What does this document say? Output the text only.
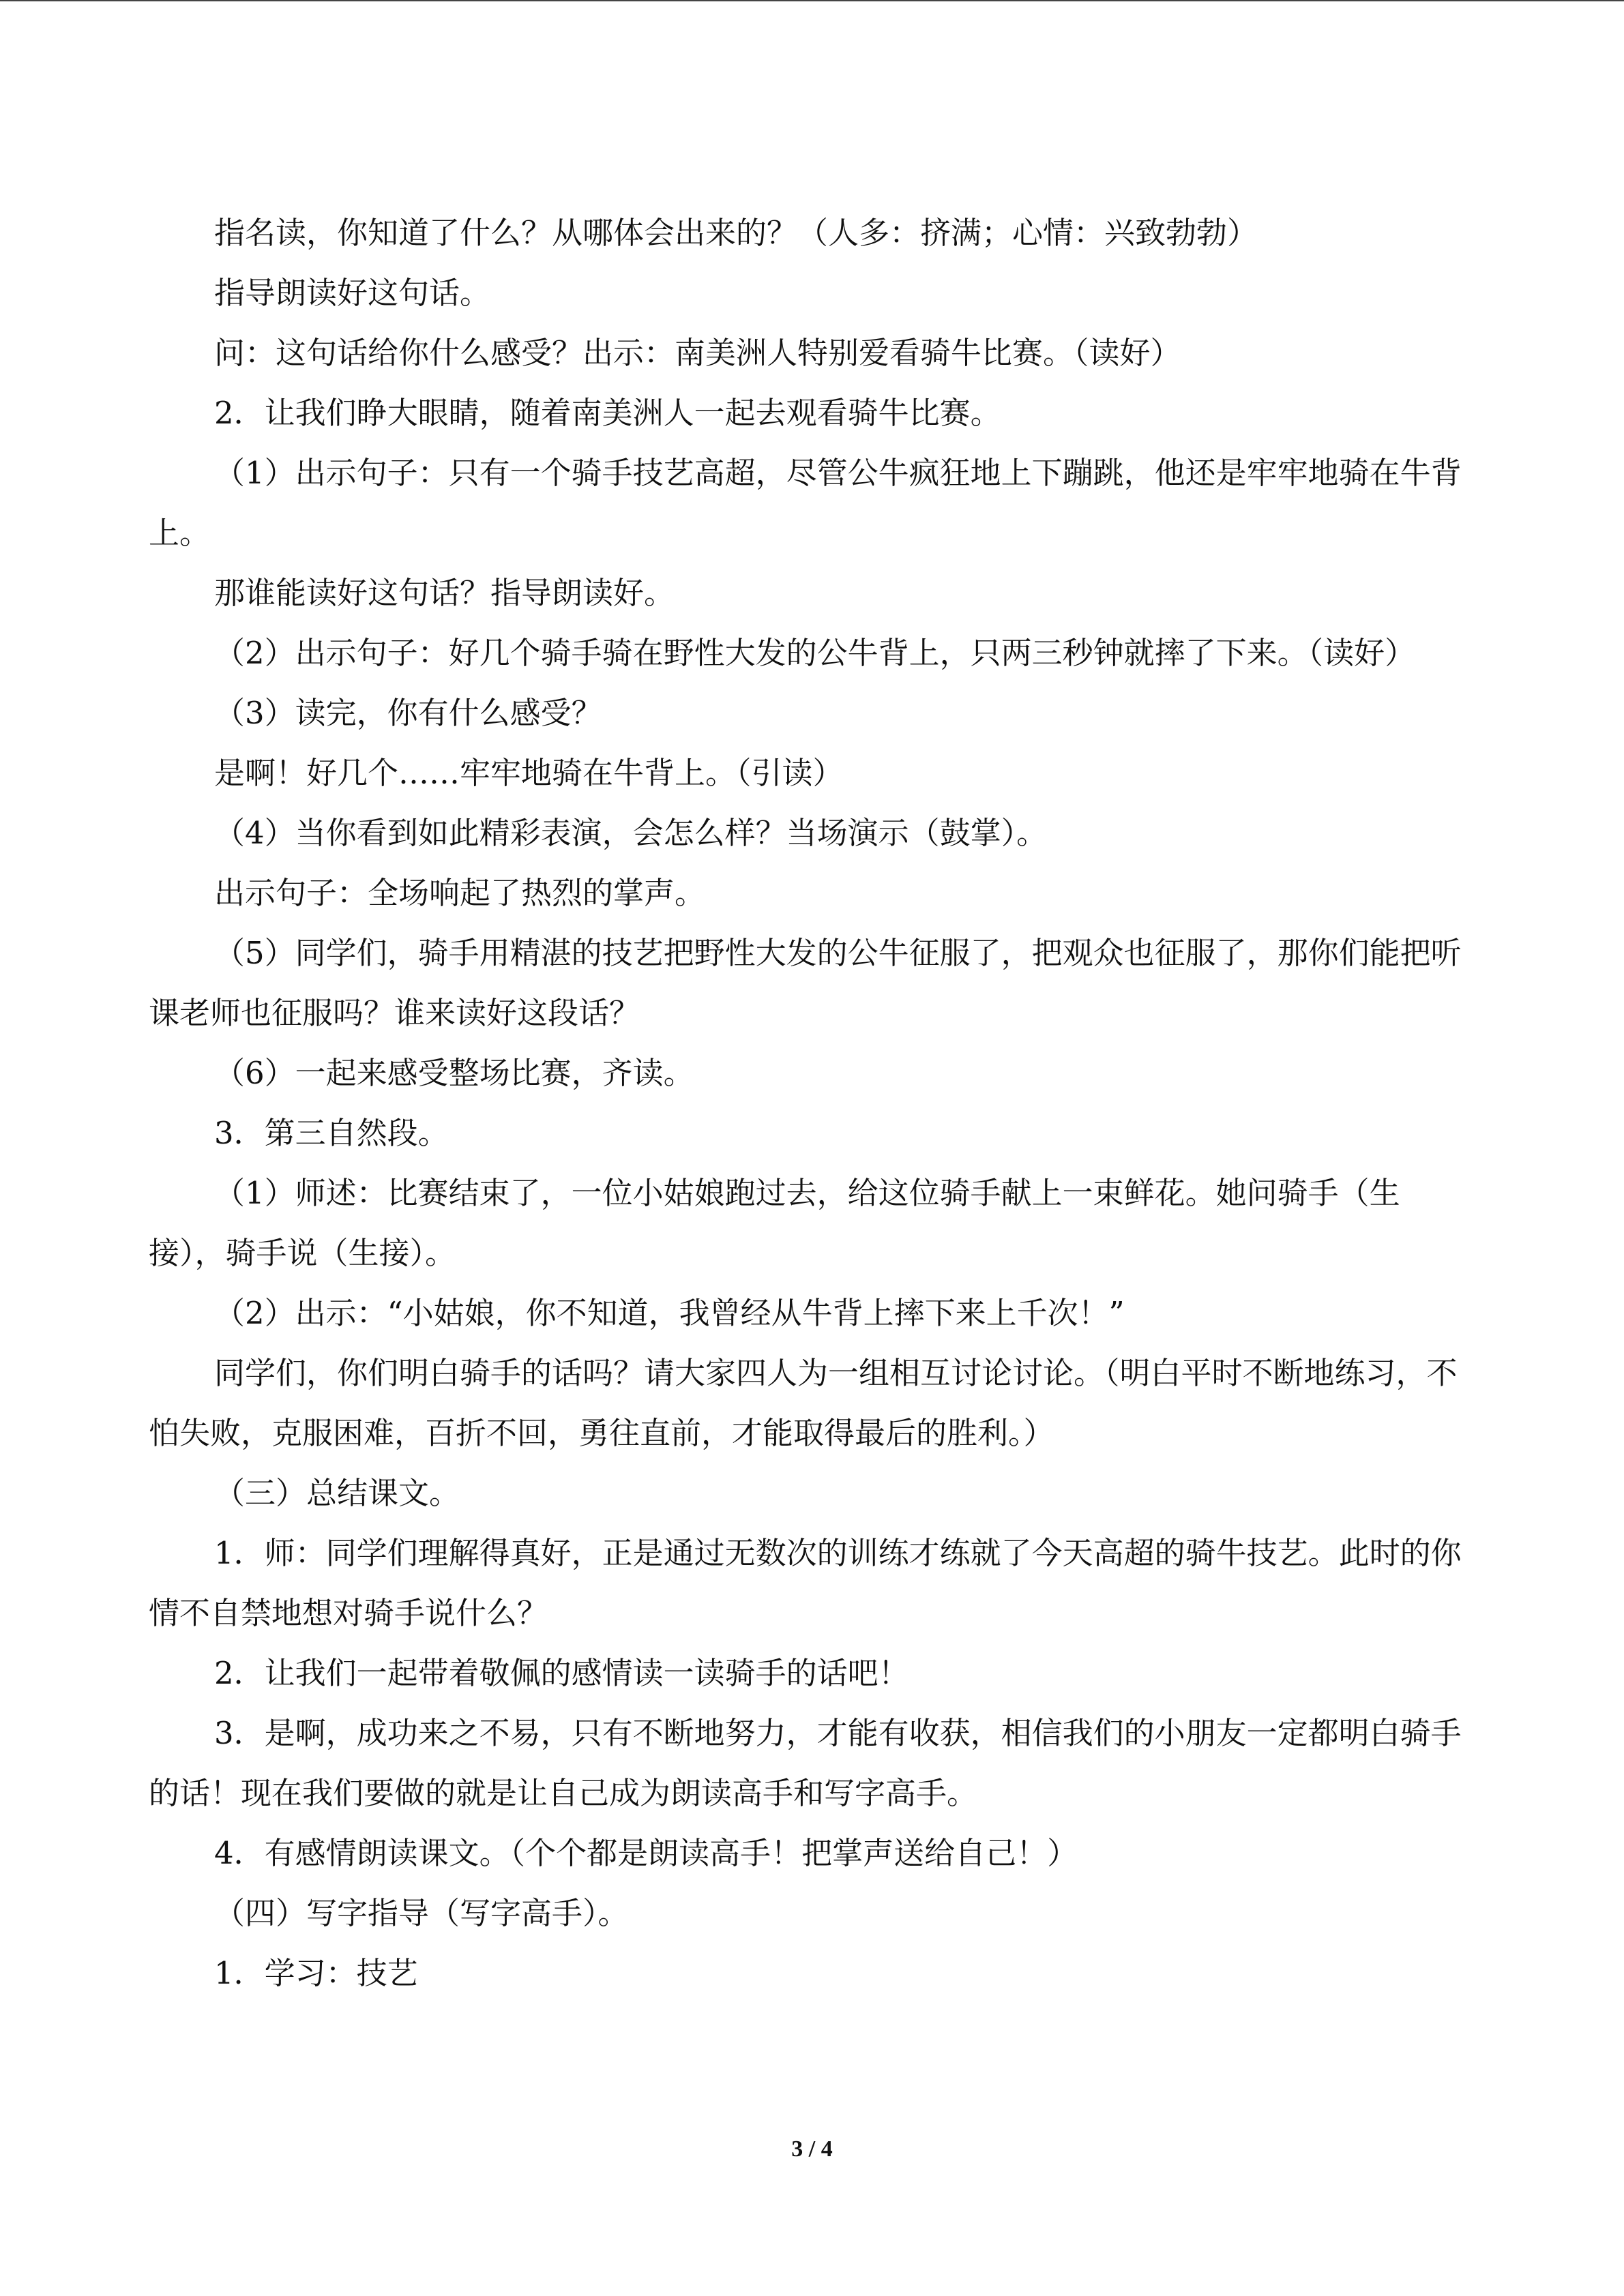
指名读，你知道了什么？从哪体会出来的？（人多：挤满；心情：兴致勃勃）

指导朗读好这句话。

问：这句话给你什么感受？出示：南美洲人特别爱看骑牛比赛。（读好）

2．让我们睁大眼睛，随着南美洲人一起去观看骑牛比赛。

（1）出示句子：只有一个骑手技艺高超，尽管公牛疯狂地上下蹦跳，他还是牢牢地骑在牛背上。

那谁能读好这句话？指导朗读好。

（2）出示句子：好几个骑手骑在野性大发的公牛背上，只两三秒钟就摔了下来。（读好）

（3）读完，你有什么感受？

是啊！好几个……牢牢地骑在牛背上。（引读）

（4）当你看到如此精彩表演，会怎么样？当场演示（鼓掌）。

出示句子：全场响起了热烈的掌声。

（5）同学们，骑手用精湛的技艺把野性大发的公牛征服了，把观众也征服了，那你们能把听课老师也征服吗？谁来读好这段话？

（6）一起来感受整场比赛，齐读。

3．第三自然段。

（1）师述：比赛结束了，一位小姑娘跑过去，给这位骑手献上一束鲜花。她问骑手（生接），骑手说（生接）。

（2）出示：“小姑娘，你不知道，我曾经从牛背上摔下来上千次！”

同学们，你们明白骑手的话吗？请大家四人为一组相互讨论讨论。（明白平时不断地练习，不怕失败，克服困难，百折不回，勇往直前，才能取得最后的胜利。）

（三）总结课文。

1．师：同学们理解得真好，正是通过无数次的训练才练就了今天高超的骑牛技艺。此时的你情不自禁地想对骑手说什么？

2．让我们一起带着敬佩的感情读一读骑手的话吧！

3．是啊，成功来之不易，只有不断地努力，才能有收获，相信我们的小朋友一定都明白骑手的话！现在我们要做的就是让自己成为朗读高手和写字高手。

4．有感情朗读课文。（个个都是朗读高手！把掌声送给自己！）

（四）写字指导（写字高手）。

1．学习：技艺

3 / 4
